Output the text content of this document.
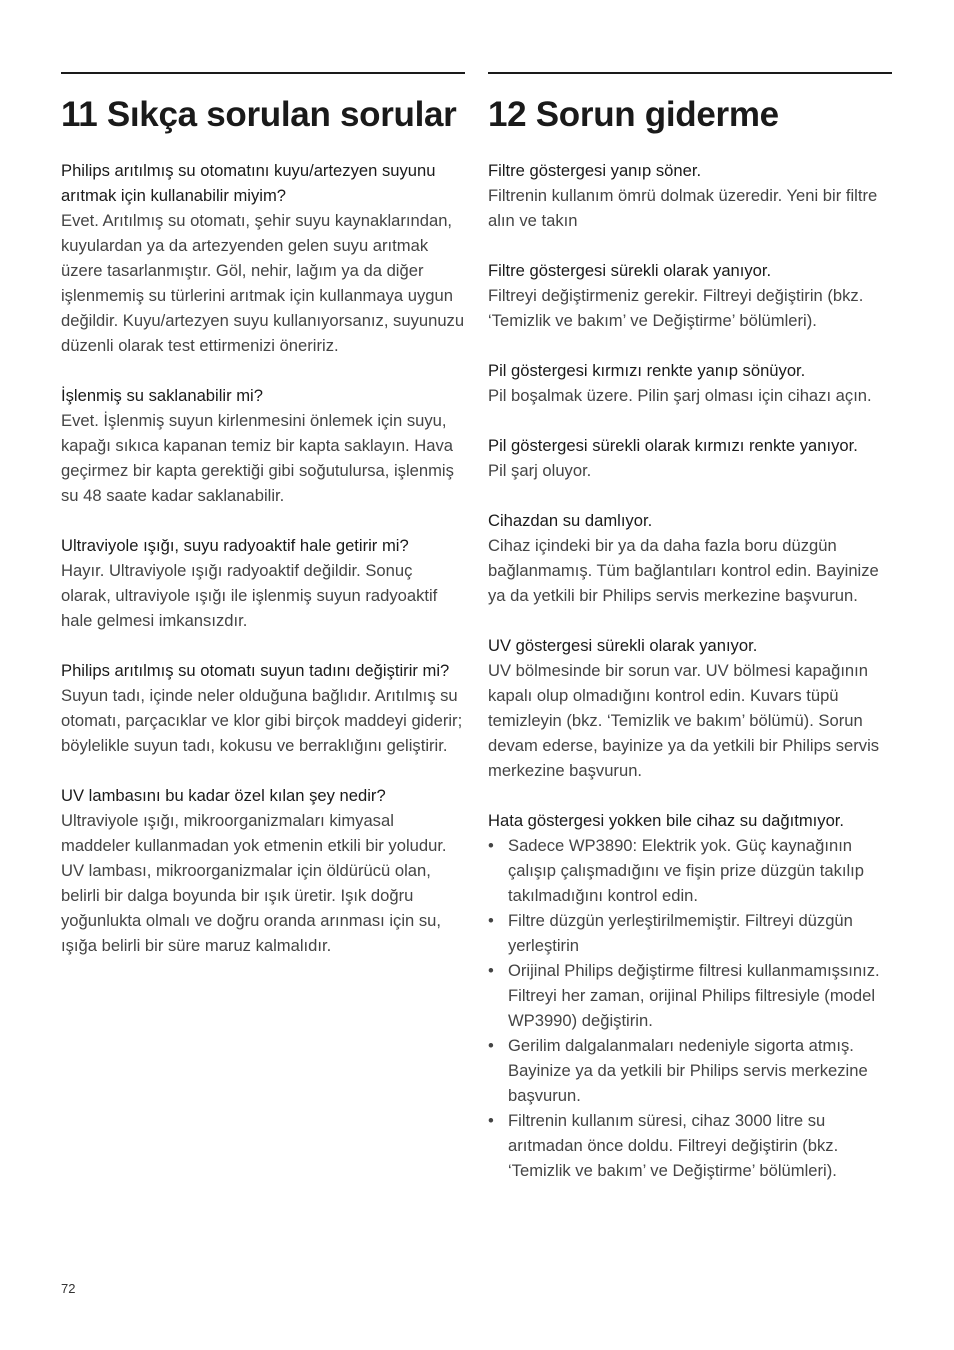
11 Sıkça sorulan sorular

Philips arıtılmış su otomatını kuyu/artezyen suyunu arıtmak için kullanabilir miyim?

Evet. Arıtılmış su otomatı, şehir suyu kaynaklarından, kuyulardan ya da artezyenden gelen suyu arıtmak üzere tasarlanmıştır. Göl, nehir, lağım ya da diğer işlenmemiş su türlerini arıtmak için kullanmaya uygun değildir. Kuyu/artezyen suyu kullanıyorsanız, suyunuzu düzenli olarak test ettirmenizi öneririz.

İşlenmiş su saklanabilir mi?

Evet. İşlenmiş suyun kirlenmesini önlemek için suyu, kapağı sıkıca kapanan temiz bir kapta saklayın. Hava geçirmez bir kapta gerektiği gibi soğutulursa, işlenmiş su 48 saate kadar saklanabilir.

Ultraviyole ışığı, suyu radyoaktif hale getirir mi?

Hayır. Ultraviyole ışığı radyoaktif değildir. Sonuç olarak, ultraviyole ışığı ile işlenmiş suyun radyoaktif hale gelmesi imkansızdır.

Philips arıtılmış su otomatı suyun tadını değiştirir mi?

Suyun tadı, içinde neler olduğuna bağlıdır. Arıtılmış su otomatı, parçacıklar ve klor gibi birçok maddeyi giderir; böylelikle suyun tadı, kokusu ve berraklığını geliştirir.

UV lambasını bu kadar özel kılan şey nedir?

Ultraviyole ışığı, mikroorganizmaları kimyasal maddeler kullanmadan yok etmenin etkili bir yoludur. UV lambası, mikroorganizmalar için öldürücü olan, belirli bir dalga boyunda bir ışık üretir. Işık doğru yoğunlukta olmalı ve doğru oranda arınması için su, ışığa belirli bir süre maruz kalmalıdır.

12 Sorun giderme

Filtre göstergesi yanıp söner.

Filtrenin kullanım ömrü dolmak üzeredir. Yeni bir filtre alın ve takın

Filtre göstergesi sürekli olarak yanıyor.

Filtreyi değiştirmeniz gerekir. Filtreyi değiştirin (bkz. ‘Temizlik ve bakım’ ve Değiştirme’ bölümleri).

Pil göstergesi kırmızı renkte yanıp sönüyor.

Pil boşalmak üzere. Pilin şarj olması için cihazı açın.

Pil göstergesi sürekli olarak kırmızı renkte yanıyor.

Pil şarj oluyor.

Cihazdan su damlıyor.

Cihaz içindeki bir ya da daha fazla boru düzgün bağlanmamış. Tüm bağlantıları kontrol edin. Bayinize ya da yetkili bir Philips servis merkezine başvurun.

UV göstergesi sürekli olarak yanıyor.

UV bölmesinde bir sorun var. UV bölmesi kapağının kapalı olup olmadığını kontrol edin. Kuvars tüpü temizleyin (bkz. ‘Temizlik ve bakım’ bölümü). Sorun devam ederse, bayinize ya da yetkili bir Philips servis merkezine başvurun.

Hata göstergesi yokken bile cihaz su dağıtmıyor.

• Sadece WP3890: Elektrik yok. Güç kaynağının çalışıp çalışmadığını ve fişin prize düzgün takılıp takılmadığını kontrol edin.
• Filtre düzgün yerleştirilmemiştir. Filtreyi düzgün yerleştirin
• Orijinal Philips değiştirme filtresi kullanmamışsınız. Filtreyi her zaman, orijinal Philips filtresiyle (model WP3990) değiştirin.
• Gerilim dalgalanmaları nedeniyle sigorta atmış. Bayinize ya da yetkili bir Philips servis merkezine başvurun.
• Filtrenin kullanım süresi, cihaz 3000 litre su arıtmadan önce doldu. Filtreyi değiştirin (bkz. ‘Temizlik ve bakım’ ve Değiştirme’ bölümleri).
72
